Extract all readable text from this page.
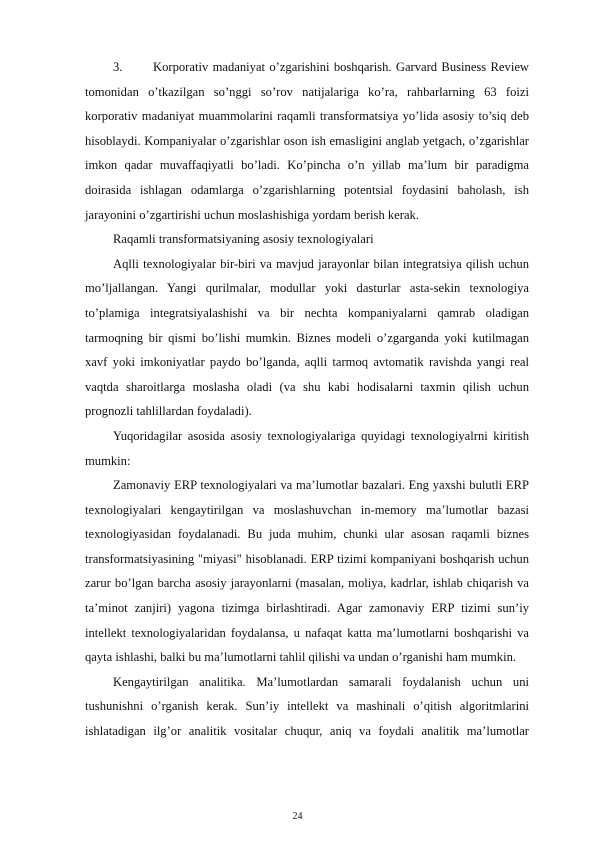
3. Korporativ madaniyat o’zgarishini boshqarish. Garvard Business Review tomonidan o’tkazilgan so’nggi so’rov natijalariga ko’ra, rahbarlarning 63 foizi korporativ madaniyat muammolarini raqamli transformatsiya yo’lida asosiy to’siq deb hisoblaydi. Kompaniyalar o’zgarishlar oson ish emasligini anglab yetgach, o’zgarishlar imkon qadar muvaffaqiyatli bo’ladi. Ko’pincha o’n yillab ma’lum bir paradigma doirasida ishlagan odamlarga o’zgarishlarning potentsial foydasini baholash, ish jarayonini o’zgartirishi uchun moslashishiga yordam berish kerak.

Raqamli transformatsiyaning asosiy texnologiyalari

Aqlli texnologiyalar bir-biri va mavjud jarayonlar bilan integratsiya qilish uchun mo’ljallangan. Yangi qurilmalar, modullar yoki dasturlar asta-sekin texnologiya to’plamiga integratsiyalashishi va bir nechta kompaniyalarni qamrab oladigan tarmoqning bir qismi bo’lishi mumkin. Biznes modeli o’zgarganda yoki kutilmagan xavf yoki imkoniyatlar paydo bo’lganda, aqlli tarmoq avtomatik ravishda yangi real vaqtda sharoitlarga moslasha oladi (va shu kabi hodisalarni taxmin qilish uchun prognozli tahlillardan foydaladi).

Yuqoridagilar asosida asosiy texnologiyalariga quyidagi texnologiyalrni kiritish mumkin:

Zamonaviy ERP texnologiyalari va ma’lumotlar bazalari. Eng yaxshi bulutli ERP texnologiyalari kengaytirilgan va moslashuvchan in-memory ma’lumotlar bazasi texnologiyasidan foydalanadi. Bu juda muhim, chunki ular asosan raqamli biznes transformatsiyasining "miyasi" hisoblanadi. ERP tizimi kompaniyani boshqarish uchun zarur bo’lgan barcha asosiy jarayonlarni (masalan, moliya, kadrlar, ishlab chiqarish va ta’minot zanjiri) yagona tizimga birlashtiradi. Agar zamonaviy ERP tizimi sun’iy intellekt texnologiyalaridan foydalansa, u nafaqat katta ma’lumotlarni boshqarishi va qayta ishlashi, balki bu ma’lumotlarni tahlil qilishi va undan o’rganishi ham mumkin.

Kengaytirilgan analitika. Ma’lumotlardan samarali foydalanish uchun uni tushunishni o’rganish kerak. Sun’iy intellekt va mashinali o’qitish algoritmlarini ishlatadigan ilg’or analitik vositalar chuqur, aniq va foydali analitik ma’lumotlar

24
